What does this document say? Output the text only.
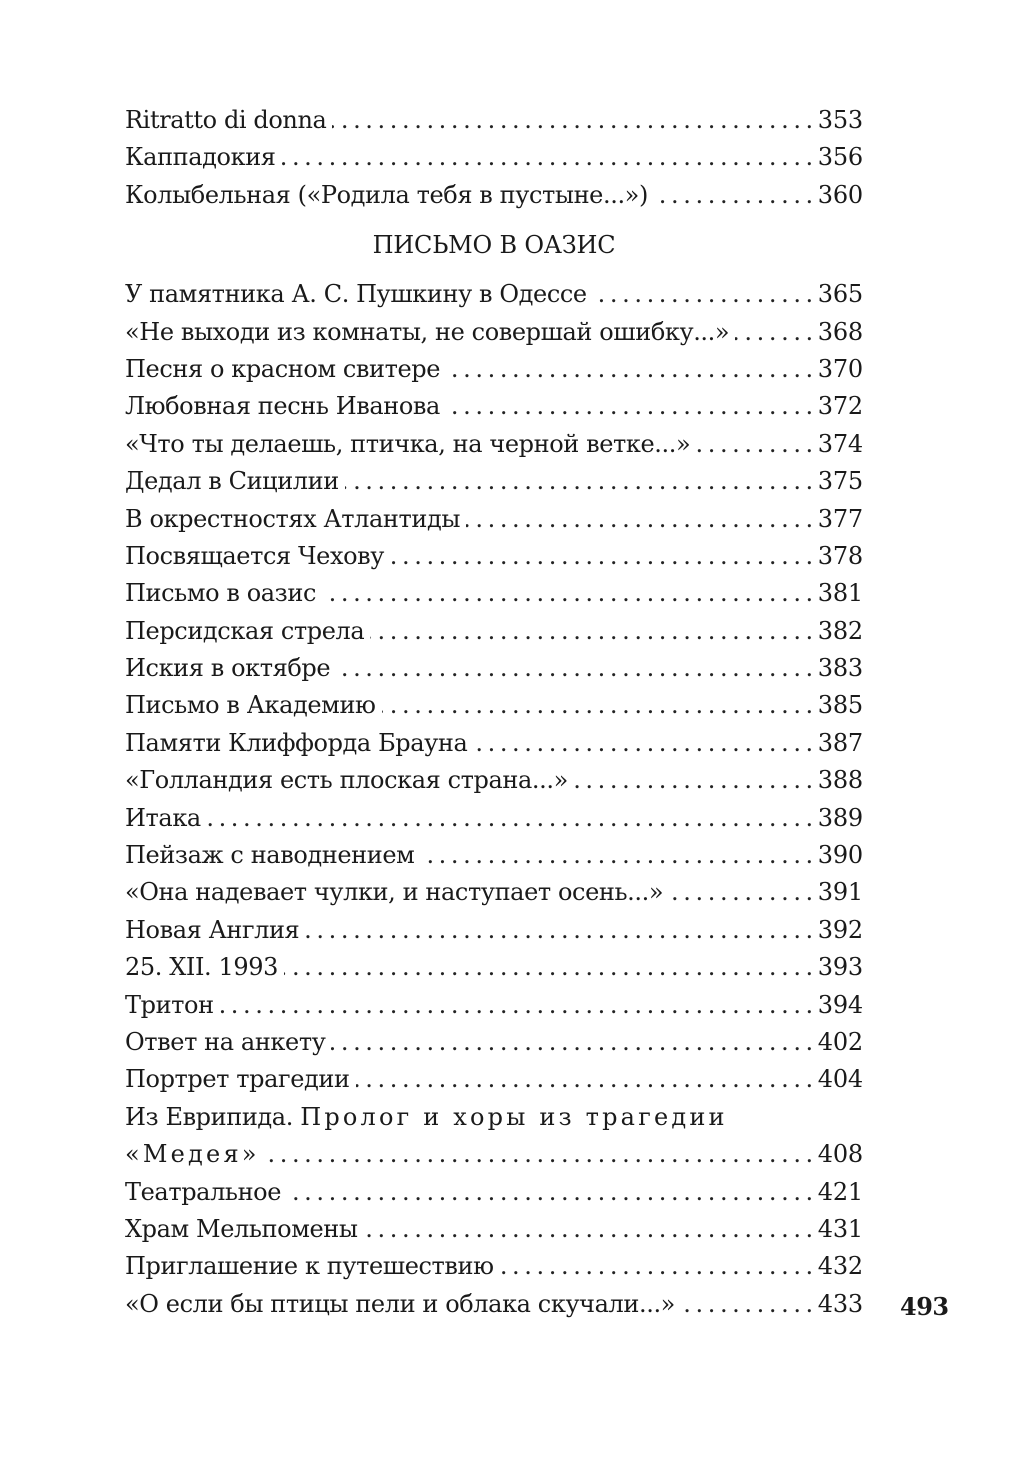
Ritratto di donna .....	353
Каппадокия .....	356
Колыбельная («Родила тебя в пустыне...») .....	360
ПИСЬМО В ОАЗИС
У памятника А. С. Пушкину в Одессе .....	365
«Не выходи из комнаты, не совершай ошибку...» .....	368
Песня о красном свитере .....	370
Любовная песнь Иванова .....	372
«Что ты делаешь, птичка, на черной ветке...» .....	374
Дедал в Сицилии .....	375
В окрестностях Атлантиды .....	377
Посвящается Чехову .....	378
Письмо в оазис .....	381
Персидская стрела .....	382
Иския в октябре .....	383
Письмо в Академию .....	385
Памяти Клиффорда Брауна .....	387
«Голландия есть плоская страна...» .....	388
Итака .....	389
Пейзаж с наводнением .....	390
«Она надевает чулки, и наступает осень...» .....	391
Новая Англия .....	392
25. XII. 1993 .....	393
Тритон .....	394
Ответ на анкету .....	402
Портрет трагедии .....	404
Из Еврипида. Пролог и хоры из трагедии
«Медея» .....	408
Театральное .....	421
Храм Мельпомены .....	431
Приглашение к путешествию .....	432
«О если бы птицы пели и облака скучали...» .....	433 493
